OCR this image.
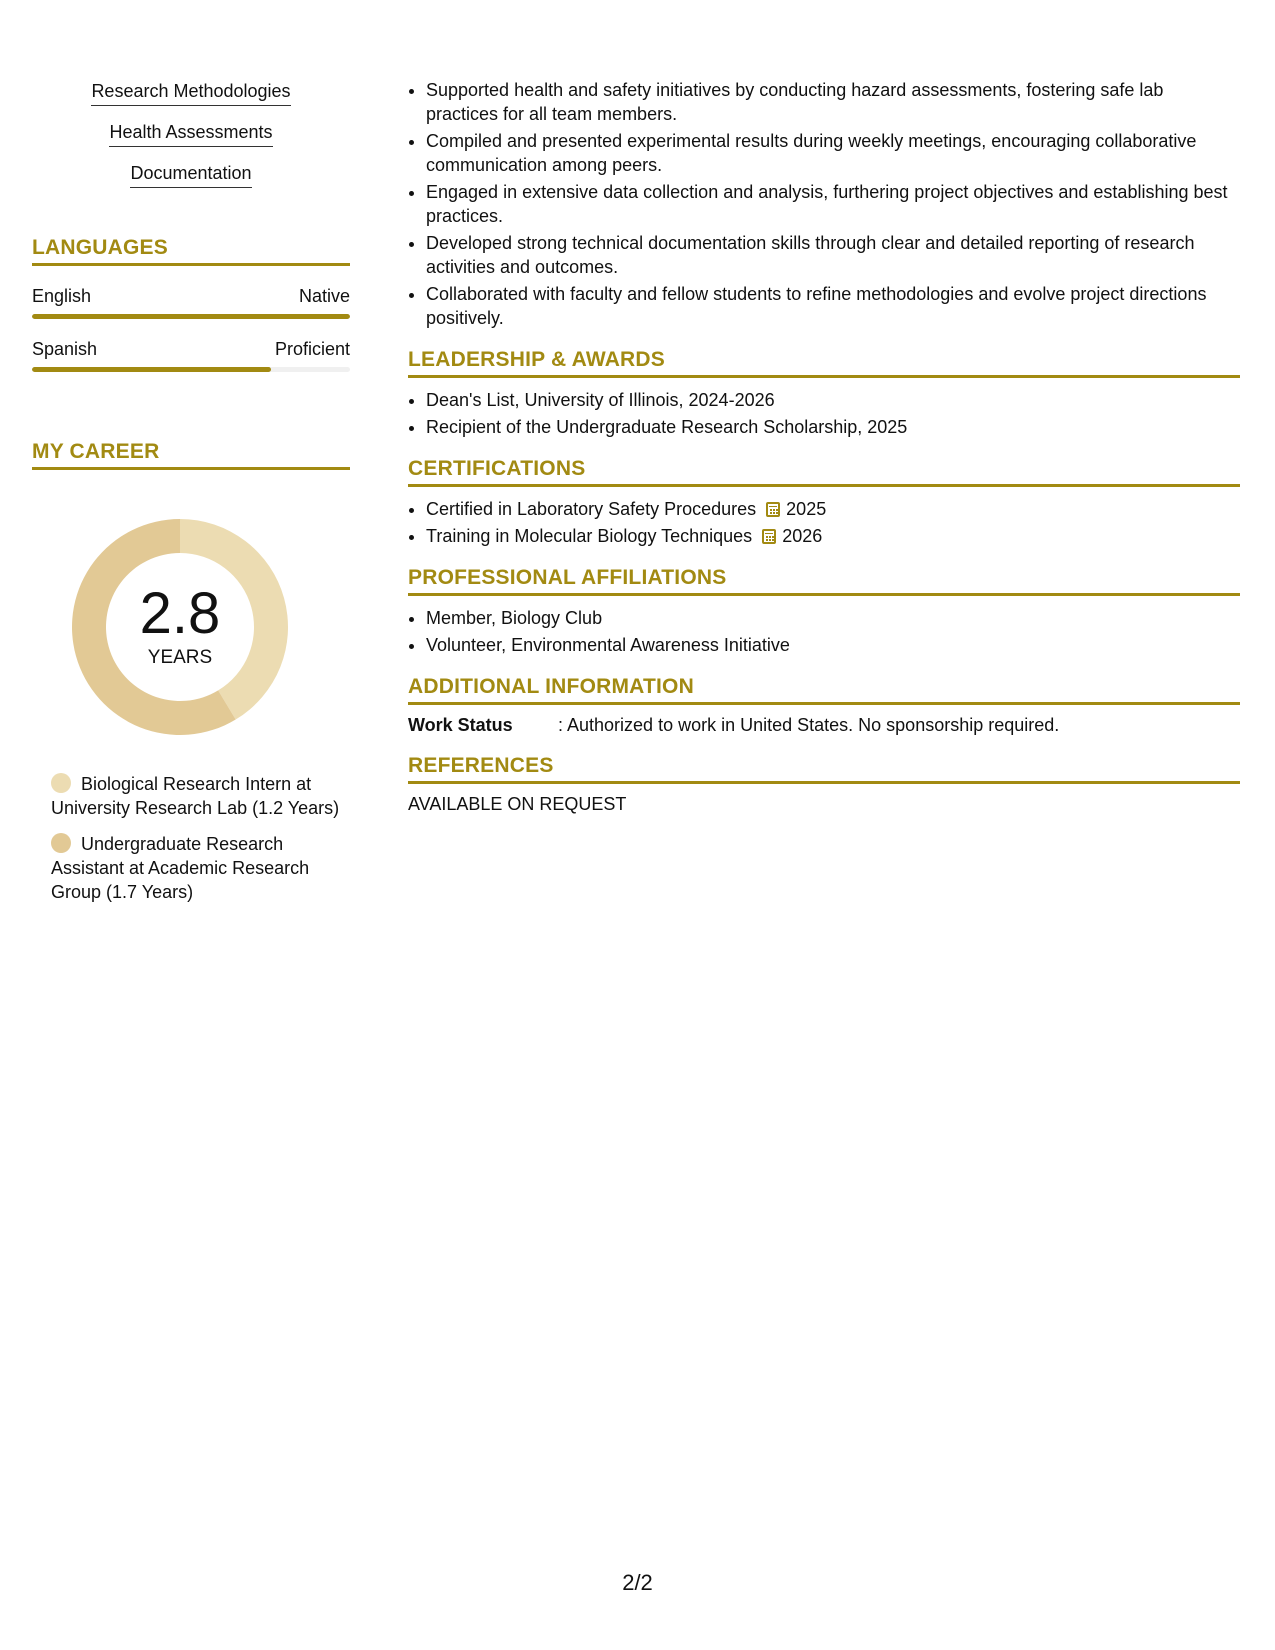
Research Methodologies
Health Assessments
Documentation
LANGUAGES
English	Native
Spanish	Proficient
MY CAREER
2.8
YEARS
Biological Research Intern at University Research Lab (1.2 Years)
Undergraduate Research Assistant at Academic Research Group (1.7 Years)
• Supported health and safety initiatives by conducting hazard assessments, fostering safe lab practices for all team members.
• Compiled and presented experimental results during weekly meetings, encouraging collaborative communication among peers.
• Engaged in extensive data collection and analysis, furthering project objectives and establishing best practices.
• Developed strong technical documentation skills through clear and detailed reporting of research activities and outcomes.
• Collaborated with faculty and fellow students to refine methodologies and evolve project directions positively.
LEADERSHIP & AWARDS
• Dean's List, University of Illinois, 2024-2026
• Recipient of the Undergraduate Research Scholarship, 2025
CERTIFICATIONS
• Certified in Laboratory Safety Procedures 2025
• Training in Molecular Biology Techniques 2026
PROFESSIONAL AFFILIATIONS
• Member, Biology Club
• Volunteer, Environmental Awareness Initiative
ADDITIONAL INFORMATION
Work Status	: Authorized to work in United States. No sponsorship required.
REFERENCES
AVAILABLE ON REQUEST
2/2
